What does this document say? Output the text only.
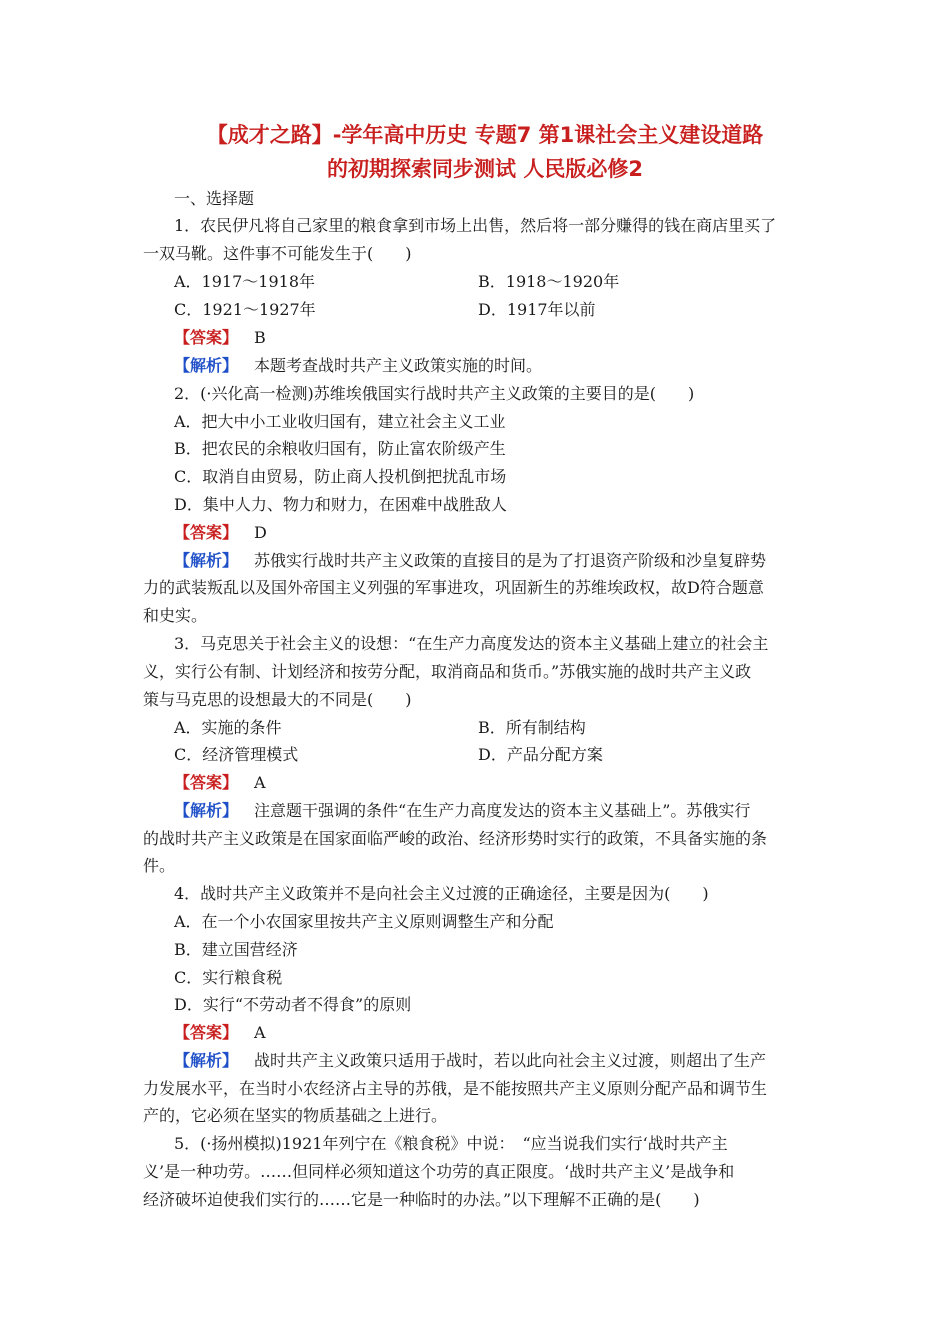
【成才之路】-学年高中历史 专题7 第1课社会主义建设道路
的初期探索同步测试 人民版必修2
一、选择题
1．农民伊凡将自己家里的粮食拿到市场上出售，然后将一部分赚得的钱在商店里买了
一双马靴。这件事不可能发生于(　　)
A．1917～1918年	B．1918～1920年
C．1921～1927年	D．1917年以前
【答案】 B
【解析】 本题考查战时共产主义政策实施的时间。
2．(·兴化高一检测)苏维埃俄国实行战时共产主义政策的主要目的是(　　)
A．把大中小工业收归国有，建立社会主义工业
B．把农民的余粮收归国有，防止富农阶级产生
C．取消自由贸易，防止商人投机倒把扰乱市场
D．集中人力、物力和财力，在困难中战胜敌人
【答案】 D
【解析】 苏俄实行战时共产主义政策的直接目的是为了打退资产阶级和沙皇复辟势
力的武装叛乱以及国外帝国主义列强的军事进攻，巩固新生的苏维埃政权，故D符合题意
和史实。
3．马克思关于社会主义的设想：“在生产力高度发达的资本主义基础上建立的社会主
义，实行公有制、计划经济和按劳分配，取消商品和货币。”苏俄实施的战时共产主义政
策与马克思的设想最大的不同是(　　)
A．实施的条件	B．所有制结构
C．经济管理模式	D．产品分配方案
【答案】 A
【解析】 注意题干强调的条件“在生产力高度发达的资本主义基础上”。苏俄实行
的战时共产主义政策是在国家面临严峻的政治、经济形势时实行的政策，不具备实施的条
件。
4．战时共产主义政策并不是向社会主义过渡的正确途径，主要是因为(　　)
A．在一个小农国家里按共产主义原则调整生产和分配
B．建立国营经济
C．实行粮食税
D．实行“不劳动者不得食”的原则
【答案】 A
【解析】 战时共产主义政策只适用于战时，若以此向社会主义过渡，则超出了生产
力发展水平，在当时小农经济占主导的苏俄，是不能按照共产主义原则分配产品和调节生
产的，它必须在坚实的物质基础之上进行。
5．(·扬州模拟)1921年列宁在《粮食税》中说：　“应当说我们实行‘战时共产主
义’是一种功劳。……但同样必须知道这个功劳的真正限度。‘战时共产主义’是战争和
经济破坏迫使我们实行的……它是一种临时的办法。”以下理解不正确的是(　　)
